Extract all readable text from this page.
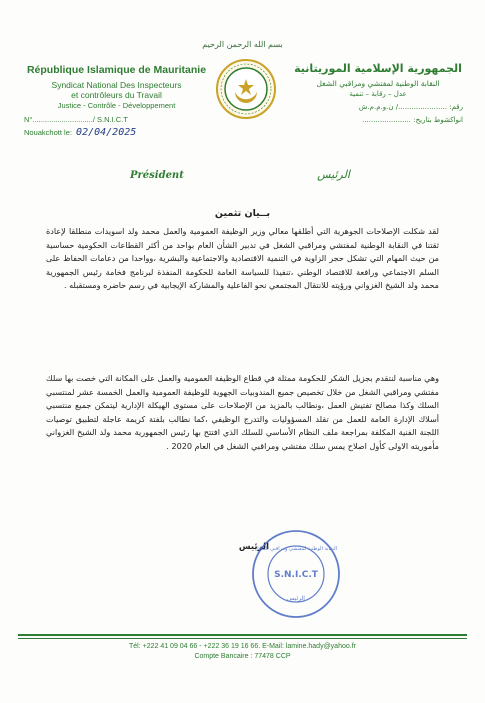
بسم الله الرحمن الرحيم
République Islamique de Mauritanie
Syndicat National Des Inspecteurs
et contrôleurs du Travail
Justice - Contrôle - Développement
N°............................./ S.N.I.C.T
Nouakchott le: 02/04/2025
الجمهورية الإسلامية الموريتانية
النقابة الوطنية لمفتشي ومراقبي الشغل
عدل – رقابة – تنمية
رقم: ....................../ ن.و.م.م.ش
انواكشوط بتاريخ: ......................
Président	الرئيس
بــيان تثمين
لقد شكلت الإصلاحات الجوهرية التي أطلقها معالي وزير الوظيفة العمومية والعمل محمد ولد اسويدات منطلقا لإعادة ثقتنا في النقابة الوطنية لمفتشي ومراقبي الشغل في تدبير الشأن العام بواحد من أكثر القطاعات الحكومية حساسية من حيث المهام التي تشكل حجر الزاوية في التنمية الاقتصادية والاجتماعية والبشرية ،وواحدا من دعامات الحفاظ على السلم الاجتماعي ورافعة للاقتصاد الوطني ،تنفيذا للسياسة العامة للحكومة المنفذة لبرنامج فخامة رئيس الجمهورية محمد ولد الشيخ الغزواني ورؤيته للانتقال المجتمعي نحو الفاعلية والمشاركة الإيجابية في رسم حاضره ومستقبله .
وهي مناسبة لنتقدم بجزيل الشكر للحكومة ممثلة في قطاع الوظيفة العمومية والعمل على المكانة التي خصت بها سلك مفتشي ومراقبي الشغل من خلال تخصيص جميع المندوبيات الجهوية للوظيفة العمومية والعمل الخمسة عشر لمنتسبي السلك وكذا مصالح تفتيش العمل ،ونطالب بالمزيد من الإصلاحات على مستوى الهيكلة الإدارية ليتمكن جميع منتسبي أسلاك الإدارة العامة للعمل من تقلد المسؤوليات والتدرج الوظيفي ،كما نطالب بلفتة كريمة عاجلة لتطبيق توصيات اللجنة الفنية المكلفة بمراجعة ملف النظام الأساسي للسلك الذي افتتح بها رئيس الجمهورية محمد ولد الشيخ الغزواني مأموريته الاولى كأول اصلاح يمس سلك مفتشي ومراقبي الشغل في العام 2020 .
الرئيس
النقابة الوطنية لمفتشي ومراقبي الشغل
S.N.I.C.T
الرئيس
Tél: +222 41 09 04 66 - +222 36 19 16 66. E-Mail: lamine.hady@yahoo.fr
Compte Bancaire : 77478 CCP
